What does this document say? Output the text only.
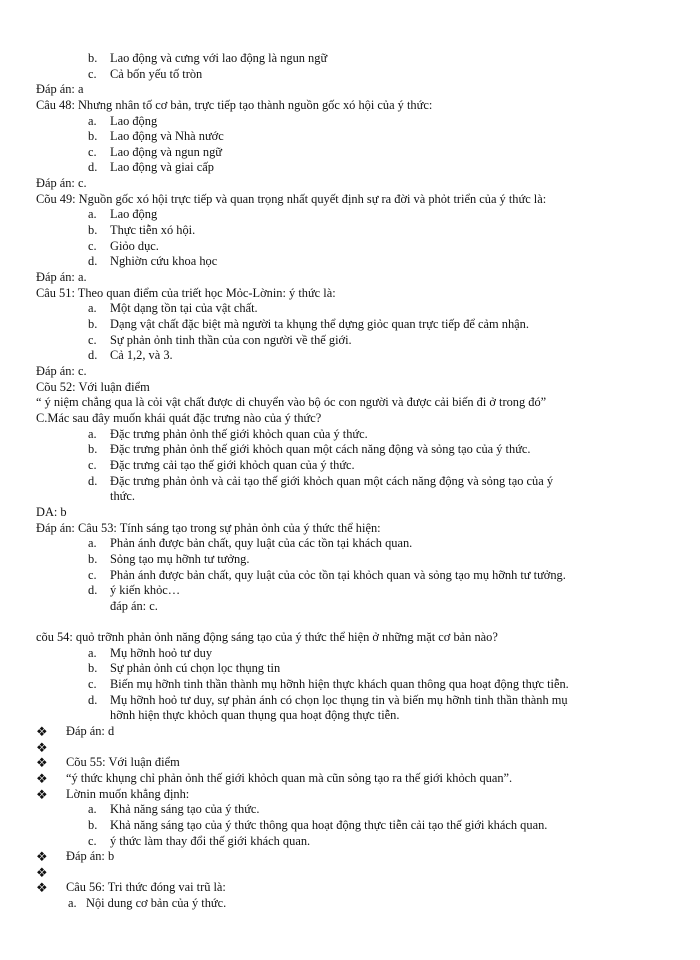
b. Lao động và cưng với lao động là ngun ngữ
c. Cả bốn yếu tố tròn
Đáp án: a
Câu 48: Nhưng nhân tố cơ bản, trực tiếp tạo thành nguồn gốc xó hội của ý thức:
a. Lao động
b. Lao động và Nhà nước
c. Lao động và ngun ngữ
d. Lao động và giai cấp
Đáp án: c.
Cõu 49: Nguồn gốc xó hội trực tiếp và quan trọng nhất quyết định sự ra đời và phỏt triển của ý thức là:
a. Lao động
b. Thực tiễn xó hội.
c. Giỏo dục.
d. Nghiờn cứu khoa học
Đáp án: a.
Câu 51: Theo quan điểm của triết học Mỏc-Lờnin: ý thức là:
a. Một dạng tồn tại của vật chất.
b. Dạng vật chất đặc biệt mà người ta khụng thể dựng giỏc quan trực tiếp để cảm nhận.
c. Sự phản ỏnh tinh thần của con người về thế giới.
d. Cả 1,2, và 3.
Đáp án: c.
Cõu 52: Với luận điểm
“ ý niệm chẳng qua là cỏi vật chất được di chuyển vào bộ óc con người và được cải biến đi ở trong đó”
C.Mác sau đây muốn khái quát đặc trưng nào của ý thức?
a. Đặc trưng phản ỏnh thế giới khỏch quan của ý thức.
b. Đặc trưng phản ỏnh thế giới khỏch quan một cách năng động và sỏng tạo của ý thức.
c. Đặc trưng cải tạo thế giới khỏch quan của ý thức.
d. Đặc trưng phản ỏnh và cải tạo thế giới khỏch quan một cách năng động và sỏng tạo của ý
thức.
DA: b
Đáp án: Câu 53: Tính sáng tạo trong sự phản ỏnh của ý thức thể hiện:
a. Phản ánh được bản chất, quy luật của các tồn tại khách quan.
b. Sỏng tạo mụ hỡnh tư tưởng.
c. Phản ánh được bản chất, quy luật của cỏc tồn tại khỏch quan và sỏng tạo mụ hỡnh tư tưởng.
d. ý kiến khỏc…
đáp án: c.
cõu 54: quỏ trỡnh phản ỏnh năng động sáng tạo của ý thức thể hiện ở những mặt cơ bản nào?
a. Mụ hỡnh hoỏ tư duy
b. Sự phản ỏnh cú chọn lọc thụng tin
c. Biến mụ hỡnh tinh thần thành mụ hỡnh hiện thực khách quan thông qua hoạt động thực tiễn.
d. Mụ hỡnh hoỏ tư duy, sự phản ánh có chọn lọc thụng tin và biến mụ hỡnh tinh thần thành mụ
hỡnh hiện thực khỏch quan thụng qua hoạt động thực tiễn.
❖ Đáp án: d
❖
❖ Cõu 55: Với luận điểm
❖ “ý thức khụng chỉ phản ỏnh thế giới khỏch quan mà cũn sỏng tạo ra thế giới khỏch quan”.
❖ Lờnin muốn khẳng định:
a. Khả năng sáng tạo của ý thức.
b. Khả năng sáng tạo của ý thức thông qua hoạt động thực tiễn cải tạo thế giới khách quan.
c. ý thức làm thay đổi thế giới khách quan.
❖ Đáp án: b
❖
❖ Câu 56: Tri thức đóng vai trũ là:
a. Nội dung cơ bản của ý thức.
